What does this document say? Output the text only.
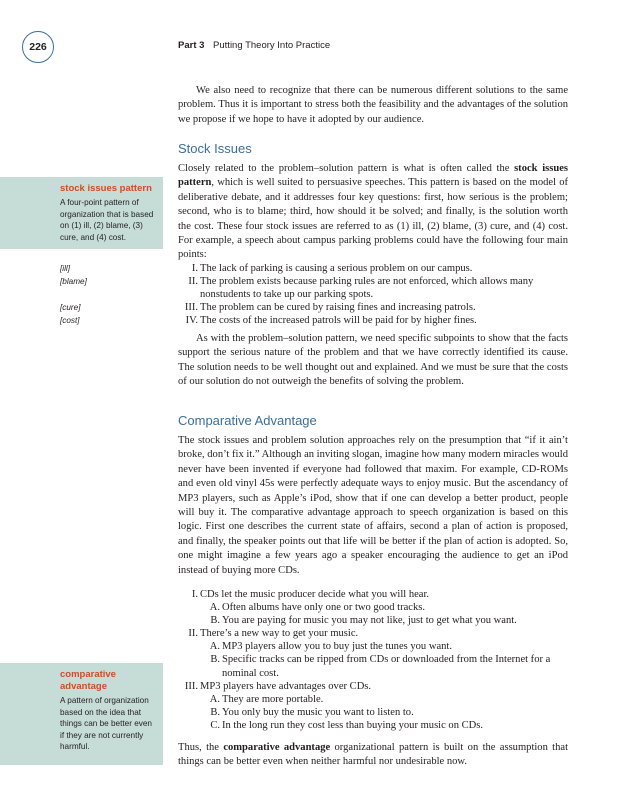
226	Part 3 Putting Theory Into Practice

We also need to recognize that there can be numerous different solutions to the same problem. Thus it is important to stress both the feasibility and the advantages of the solution we propose if we hope to have it adopted by our audience.

Stock Issues

Closely related to the problem–solution pattern is what is often called the stock issues pattern, which is well suited to persuasive speeches. This pattern is based on the model of deliberative debate, and it addresses four key questions: first, how serious is the problem; second, who is to blame; third, how should it be solved; and finally, is the solution worth the cost. These four stock issues are referred to as (1) ill, (2) blame, (3) cure, and (4) cost. For example, a speech about campus parking problems could have the following four main points:

stock issues pattern
A four-point pattern of organization that is based on (1) ill, (2) blame, (3) cure, and (4) cost.
[ill]
[blame]
[cure]
[cost]
I. The lack of parking is causing a serious problem on our campus.
II. The problem exists because parking rules are not enforced, which allows many nonstudents to take up our parking spots.
III. The problem can be cured by raising fines and increasing patrols.
IV. The costs of the increased patrols will be paid for by higher fines.

As with the problem–solution pattern, we need specific subpoints to show that the facts support the serious nature of the problem and that we have correctly identified its cause. The solution needs to be well thought out and explained. And we must be sure that the costs of our solution do not outweigh the benefits of solving the problem.

Comparative Advantage

The stock issues and problem solution approaches rely on the presumption that “if it ain’t broke, don’t fix it.” Although an inviting slogan, imagine how many modern miracles would never have been invented if everyone had followed that maxim. For example, CD-ROMs and even old vinyl 45s were perfectly adequate ways to enjoy music. But the ascendancy of MP3 players, such as Apple’s iPod, show that if one can develop a better product, people will buy it. The comparative advantage approach to speech organization is based on this logic. First one describes the current state of affairs, second a plan of action is proposed, and finally, the speaker points out that life will be better if the plan of action is adopted. So, one might imagine a few years ago a speaker encouraging the audience to get an iPod instead of buying more CDs.

I. CDs let the music producer decide what you will hear.
A. Often albums have only one or two good tracks.
B. You are paying for music you may not like, just to get what you want.
II. There’s a new way to get your music.
A. MP3 players allow you to buy just the tunes you want.
B. Specific tracks can be ripped from CDs or downloaded from the Internet for a nominal cost.
III. MP3 players have advantages over CDs.
A. They are more portable.
B. You only buy the music you want to listen to.
C. In the long run they cost less than buying your music on CDs.
comparative advantage
A pattern of organization based on the idea that things can be better even if they are not currently harmful.	Thus, the comparative advantage organizational pattern is built on the assumption that things can be better even when neither harmful nor undesirable now.
